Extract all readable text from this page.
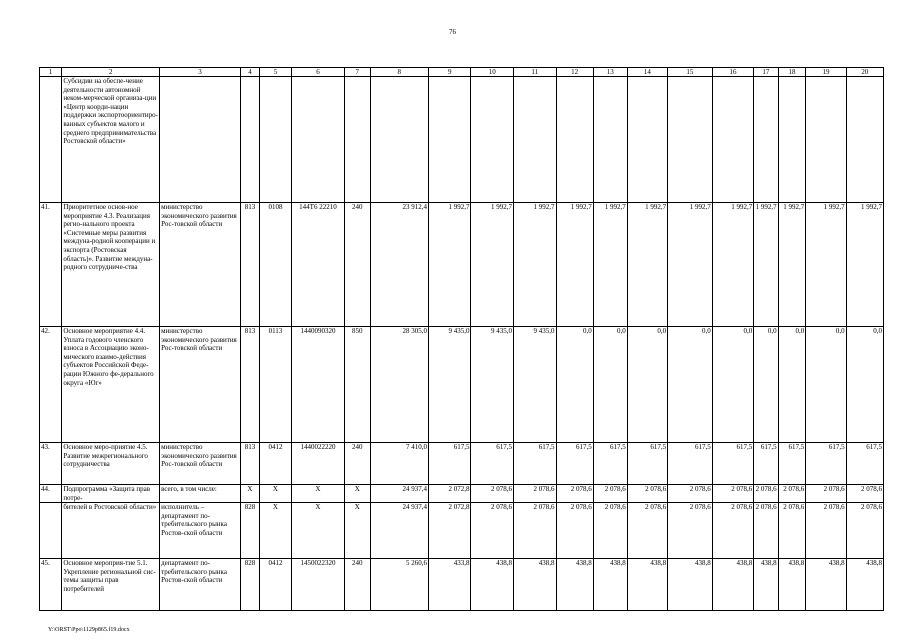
76
1	2	3	4	5	6	7	8	9	10	11	12	13	14	15	16	17	18	19	20
	Субсидии на обеспе-чение деятельности автономной неком-мерческой организа-ции «Центр коорди-нации поддержки экспортоориентиро-ванных субъектов малого и среднего предпринимательства Ростовской области»																		
41.	Приоритетное основ-ное мероприятие 4.3. Реализация регио-нального проекта «Системные меры развития междуна-родной кооперации и экспорта (Ростовская область)». Развитие междуна-родного сотрудниче-ства	министерство экономического развития Рос-товской области	813	0108	144T6 22210	240	23 912,4	1 992,7	1 992,7	1 992,7	1 992,7	1 992,7	1 992,7	1 992,7	1 992,7	1 992,7	1 992,7	1 992,7	1 992,7
42.	Основное мероприятие 4.4. Уплата годового членского взноса в Ассоциацию эконо-мического взаимо-действия субъектов Российской Феде-рации Южного фе-дерального округа «Юг»	министерство экономического развития Рос-товской области	813	0113	1440090320	850	28 305,0	9 435,0	9 435,0	9 435,0	0,0	0,0	0,0	0,0	0,0	0,0	0,0	0,0	0,0
43.	Основное меро-приятие 4.5. Развитие межрегионального сотрудничества	министерство экономического развития Рос-товской области	813	0412	1440022220	240	7 410,0	617,5	617,5	617,5	617,5	617,5	617,5	617,5	617,5	617,5	617,5	617,5	617,5
44.	Подпрограмма «Защита прав потре-	всего, в том числе:	X	X	X	X	24 937,4	2 072,8	2 078,6	2 078,6	2 078,6	2 078,6	2 078,6	2 078,6	2 078,6	2 078,6	2 078,6	2 078,6	2 078,6
	бителей в Ростовской области»	исполнитель – департамент по-требительского рынка Ростов-ской области	828	X	X	X	24 937,4	2 072,8	2 078,6	2 078,6	2 078,6	2 078,6	2 078,6	2 078,6	2 078,6	2 078,6	2 078,6	2 078,6	2 078,6
45.	Основное мероприя-тие 5.1. Укрепление региональной сис-темы защиты прав потребителей	департамент по-требительского рынка Ростов-ской области	828	0412	1450022320	240	5 260,6	433,8	438,8	438,8	438,8	438,8	438,8	438,8	438,8	438,8	438,8	438,8	438,8
Y:\ORST\Ppo\1129p865.f19.docx
